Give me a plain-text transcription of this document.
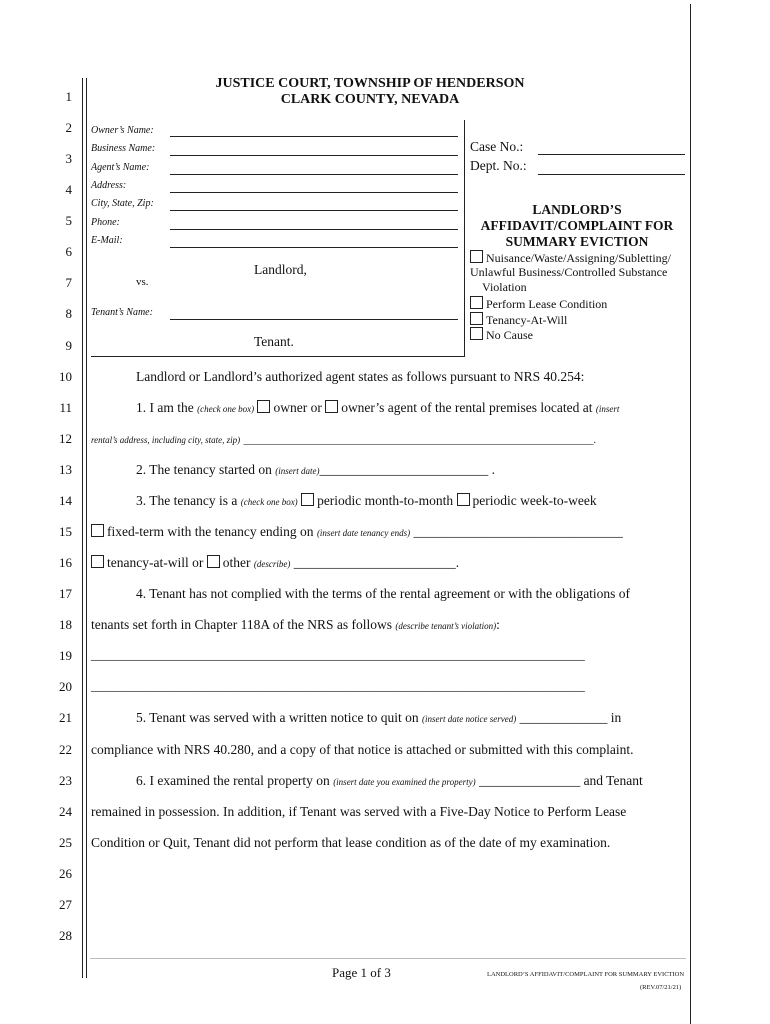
1
2
3
4
5
6
7
8
9
10
11
12
13
14
15
16
17
18
19
20
21
22
23
24
25
26
27
28
JUSTICE COURT, TOWNSHIP OF HENDERSON
CLARK COUNTY, NEVADA
Owner’s Name:
Business Name:
Agent’s Name:
Address:
City, State, Zip:
Phone:
E-Mail:
Landlord,
vs.
Tenant’s Name:
Tenant.
Case No.:
Dept. No.:
LANDLORD’S
AFFIDAVIT/COMPLAINT FOR
SUMMARY EVICTION
Nuisance/Waste/Assigning/Subletting/
Unlawful Business/Controlled Substance
Violation
Perform Lease Condition
Tenancy-At-Will
No Cause
Landlord or Landlord’s authorized agent states as follows pursuant to NRS 40.254:
1. I am the (check one box) owner or owner’s agent of the rental premises located at (insert
rental’s address, including city, state, zip) ______________________________________________________________________.
2. The tenancy started on (insert date)_________________________ .
3. The tenancy is a (check one box) periodic month-to-month periodic week-to-week
fixed-term with the tenancy ending on (insert date tenancy ends) _______________________________
tenancy-at-will or other (describe) ________________________.
4. Tenant has not complied with the terms of the rental agreement or with the obligations of
tenants set forth in Chapter 118A of the NRS as follows (describe tenant’s violation):
_______________________________________________________________________________
_______________________________________________________________________________
5. Tenant was served with a written notice to quit on (insert date notice served) _____________ in
compliance with NRS 40.280, and a copy of that notice is attached or submitted with this complaint.
6. I examined the rental property on (insert date you examined the property) _______________ and Tenant
remained in possession. In addition, if Tenant was served with a Five-Day Notice to Perform Lease
Condition or Quit, Tenant did not perform that lease condition as of the date of my examination.
Page 1 of 3	LANDLORD’S AFFIDAVIT/COMPLAINT FOR SUMMARY EVICTION
(REV.07/21/21)
